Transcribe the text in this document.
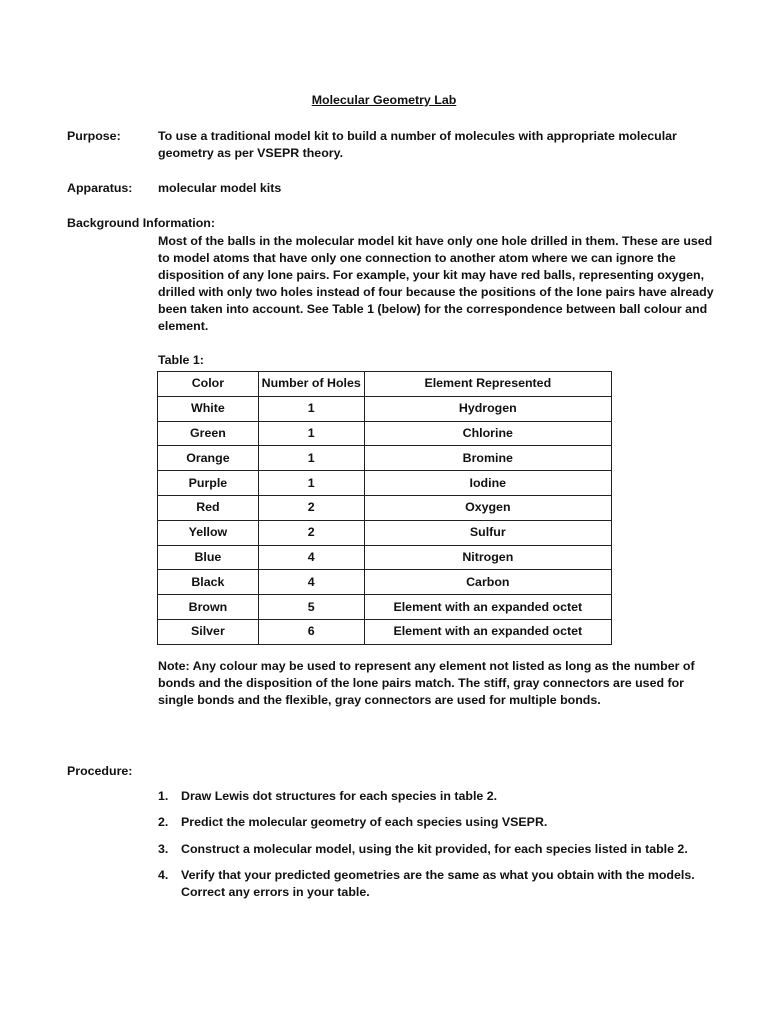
Molecular Geometry Lab
Purpose:	To use a traditional model kit to build a number of molecules with appropriate molecular geometry as per VSEPR theory.
Apparatus: molecular model kits
Background Information:
Most of the balls in the molecular model kit have only one hole drilled in them. These are used to model atoms that have only one connection to another atom where we can ignore the disposition of any lone pairs. For example, your kit may have red balls, representing oxygen, drilled with only two holes instead of four because the positions of the lone pairs have already been taken into account. See Table 1 (below) for the correspondence between ball colour and element.
Table 1:
Color	Number of Holes	Element Represented
White	1	Hydrogen
Green	1	Chlorine
Orange	1	Bromine
Purple	1	Iodine
Red	2	Oxygen
Yellow	2	Sulfur
Blue	4	Nitrogen
Black	4	Carbon
Brown	5	Element with an expanded octet
Silver	6	Element with an expanded octet
Note: Any colour may be used to represent any element not listed as long as the number of bonds and the disposition of the lone pairs match. The stiff, gray connectors are used for single bonds and the flexible, gray connectors are used for multiple bonds.
Procedure:
1.	Draw Lewis dot structures for each species in table 2.
2.	Predict the molecular geometry of each species using VSEPR.
3.	Construct a molecular model, using the kit provided, for each species listed in table 2.
4.	Verify that your predicted geometries are the same as what you obtain with the models. Correct any errors in your table.
